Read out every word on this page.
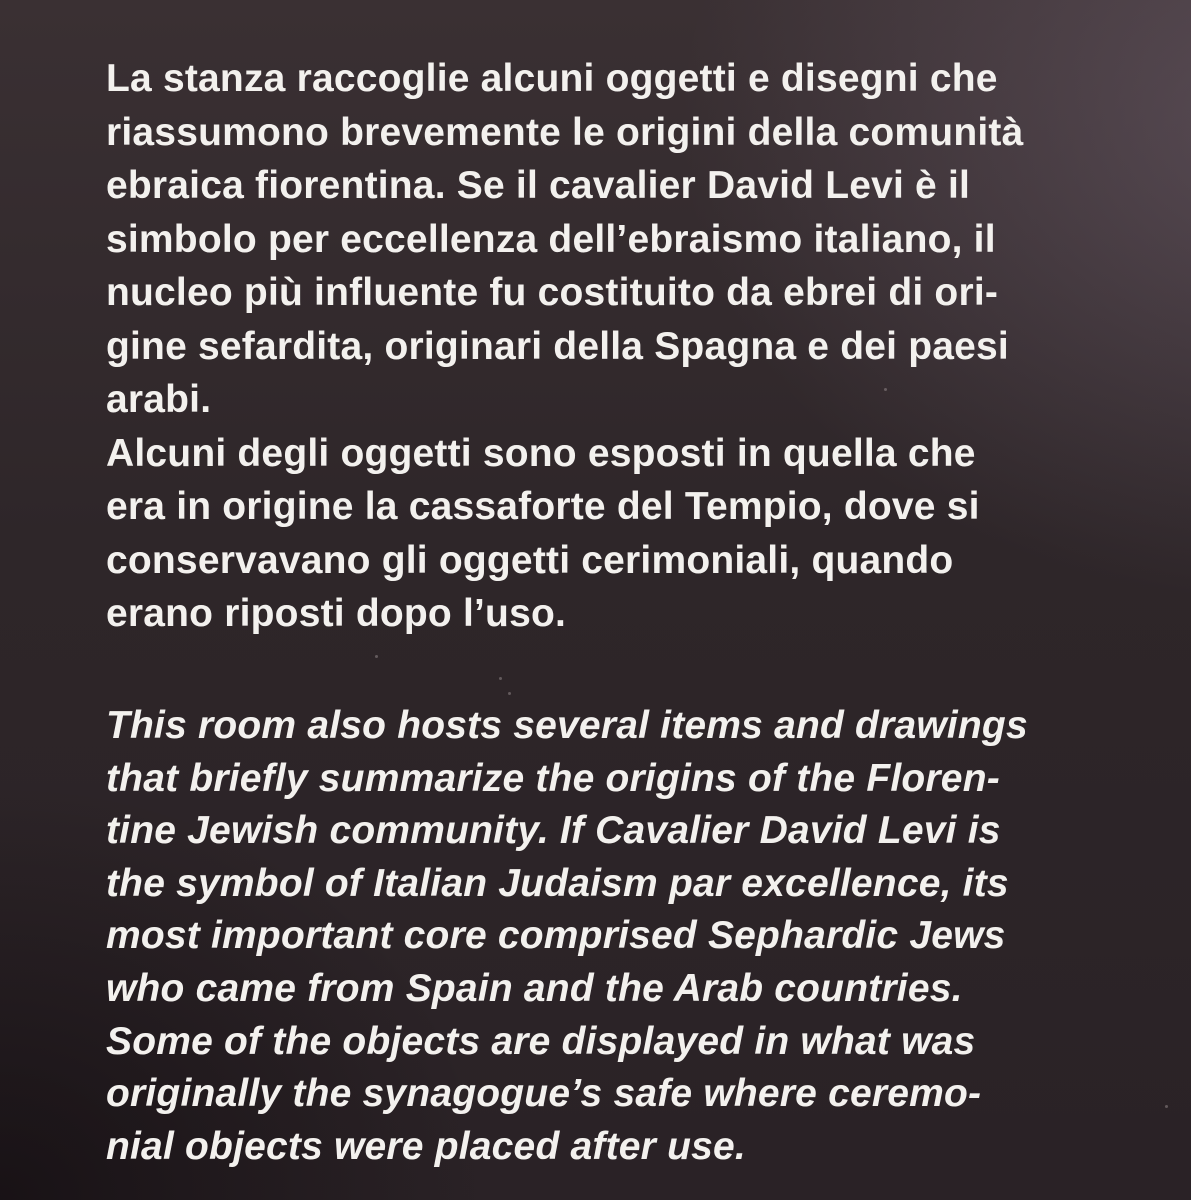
La stanza raccoglie alcuni oggetti e disegni che
riassumono brevemente le origini della comunità
ebraica fiorentina. Se il cavalier David Levi è il
simbolo per eccellenza dell’ebraismo italiano, il
nucleo più influente fu costituito da ebrei di ori-
gine sefardita, originari della Spagna e dei paesi
arabi.
Alcuni degli oggetti sono esposti in quella che
era in origine la cassaforte del Tempio, dove si
conservavano gli oggetti cerimoniali, quando
erano riposti dopo l’uso.
This room also hosts several items and drawings
that briefly summarize the origins of the Floren-
tine Jewish community. If Cavalier David Levi is
the symbol of Italian Judaism par excellence, its
most important core comprised Sephardic Jews
who came from Spain and the Arab countries.
Some of the objects are displayed in what was
originally the synagogue’s safe where ceremo-
nial objects were placed after use.
